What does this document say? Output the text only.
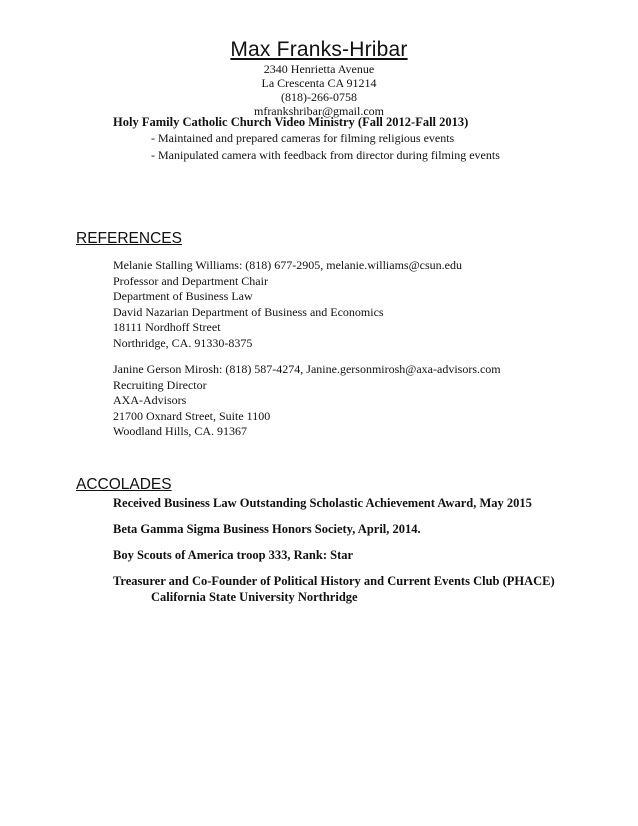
Max Franks-Hribar
2340 Henrietta Avenue
La Crescenta CA 91214
(818)-266-0758
mfrankshribar@gmail.com
Holy Family Catholic Church Video Ministry (Fall 2012-Fall 2013)
- Maintained and prepared cameras for filming religious events
- Manipulated camera with feedback from director during filming events
REFERENCES
Melanie Stalling Williams: (818) 677-2905, melanie.williams@csun.edu
Professor and Department Chair
Department of Business Law
David Nazarian Department of Business and Economics
18111 Nordhoff Street
Northridge, CA. 91330-8375
Janine Gerson Mirosh: (818) 587-4274, Janine.gersonmirosh@axa-advisors.com
Recruiting Director
AXA-Advisors
21700 Oxnard Street, Suite 1100
Woodland Hills, CA. 91367
ACCOLADES
Received Business Law Outstanding Scholastic Achievement Award, May 2015
Beta Gamma Sigma Business Honors Society, April, 2014.
Boy Scouts of America troop 333, Rank: Star
Treasurer and Co-Founder of Political History and Current Events Club (PHACE)
California State University Northridge
